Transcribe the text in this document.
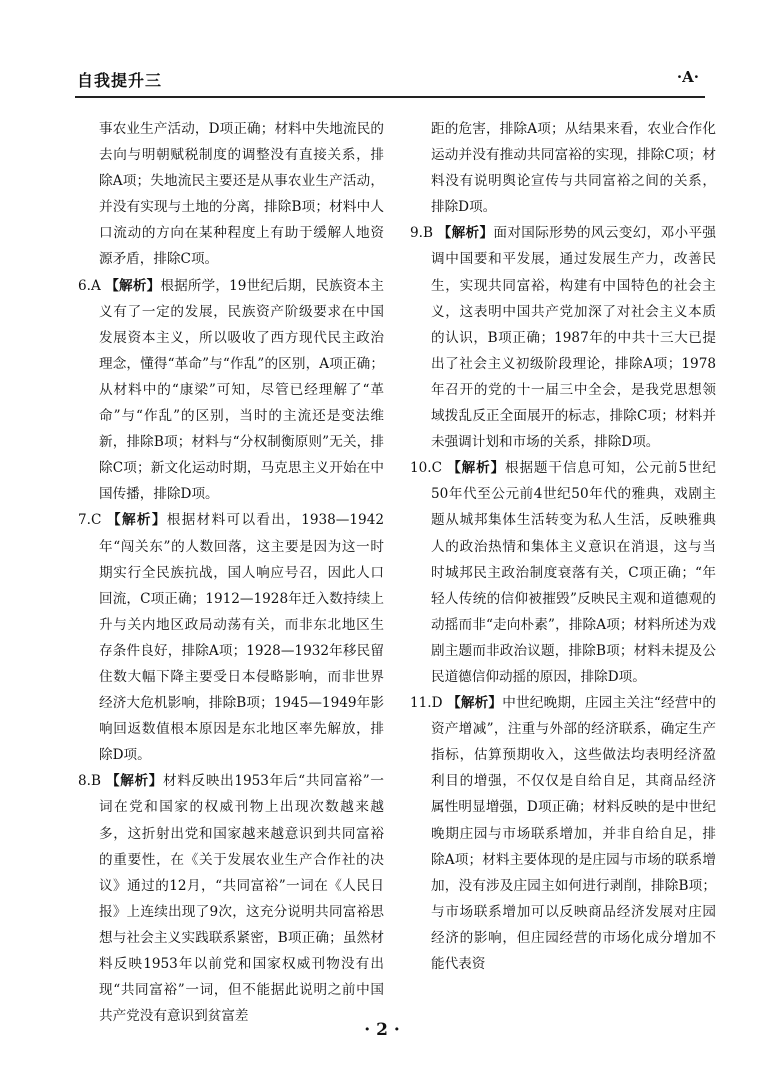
自我提升三	·A·

事农业生产活动，D项正确；材料中失地流民的去向与明朝赋税制度的调整没有直接关系，排除A项；失地流民主要还是从事农业生产活动，并没有实现与土地的分离，排除B项；材料中人口流动的方向在某种程度上有助于缓解人地资源矛盾，排除C项。

6.A 【解析】根据所学，19世纪后期，民族资本主义有了一定的发展，民族资产阶级要求在中国发展资本主义，所以吸收了西方现代民主政治理念，懂得“革命”与“作乱”的区别，A项正确；从材料中的“康梁”可知，尽管已经理解了“革命”与“作乱”的区别，当时的主流还是变法维新，排除B项；材料与“分权制衡原则”无关，排除C项；新文化运动时期，马克思主义开始在中国传播，排除D项。

7.C 【解析】根据材料可以看出，1938—1942年“闯关东”的人数回落，这主要是因为这一时期实行全民族抗战，国人响应号召，因此人口回流，C项正确；1912—1928年迁入数持续上升与关内地区政局动荡有关，而非东北地区生存条件良好，排除A项；1928—1932年移民留住数大幅下降主要受日本侵略影响，而非世界经济大危机影响，排除B项；1945—1949年影响回返数值根本原因是东北地区率先解放，排除D项。

8.B 【解析】材料反映出1953年后“共同富裕”一词在党和国家的权威刊物上出现次数越来越多，这折射出党和国家越来越意识到共同富裕的重要性，在《关于发展农业生产合作社的决议》通过的12月，“共同富裕”一词在《人民日报》上连续出现了9次，这充分说明共同富裕思想与社会主义实践联系紧密，B项正确；虽然材料反映1953年以前党和国家权威刊物没有出现“共同富裕”一词，但不能据此说明之前中国共产党没有意识到贫富差

距的危害，排除A项；从结果来看，农业合作化运动并没有推动共同富裕的实现，排除C项；材料没有说明舆论宣传与共同富裕之间的关系，排除D项。

9.B 【解析】面对国际形势的风云变幻，邓小平强调中国要和平发展，通过发展生产力，改善民生，实现共同富裕，构建有中国特色的社会主义，这表明中国共产党加深了对社会主义本质的认识，B项正确；1987年的中共十三大已提出了社会主义初级阶段理论，排除A项；1978年召开的党的十一届三中全会，是我党思想领域拨乱反正全面展开的标志，排除C项；材料并未强调计划和市场的关系，排除D项。

10.C 【解析】根据题干信息可知，公元前5世纪50年代至公元前4世纪50年代的雅典，戏剧主题从城邦集体生活转变为私人生活，反映雅典人的政治热情和集体主义意识在消退，这与当时城邦民主政治制度衰落有关，C项正确；“年轻人传统的信仰被摧毁”反映民主观和道德观的动摇而非“走向朴素”，排除A项；材料所述为戏剧主题而非政治议题，排除B项；材料未提及公民道德信仰动摇的原因，排除D项。

11.D 【解析】中世纪晚期，庄园主关注“经营中的资产增减”，注重与外部的经济联系，确定生产指标，估算预期收入，这些做法均表明经济盈利目的增强，不仅仅是自给自足，其商品经济属性明显增强，D项正确；材料反映的是中世纪晚期庄园与市场联系增加，并非自给自足，排除A项；材料主要体现的是庄园与市场的联系增加，没有涉及庄园主如何进行剥削，排除B项；与市场联系增加可以反映商品经济发展对庄园经济的影响，但庄园经营的市场化成分增加不能代表资

· 2 ·
